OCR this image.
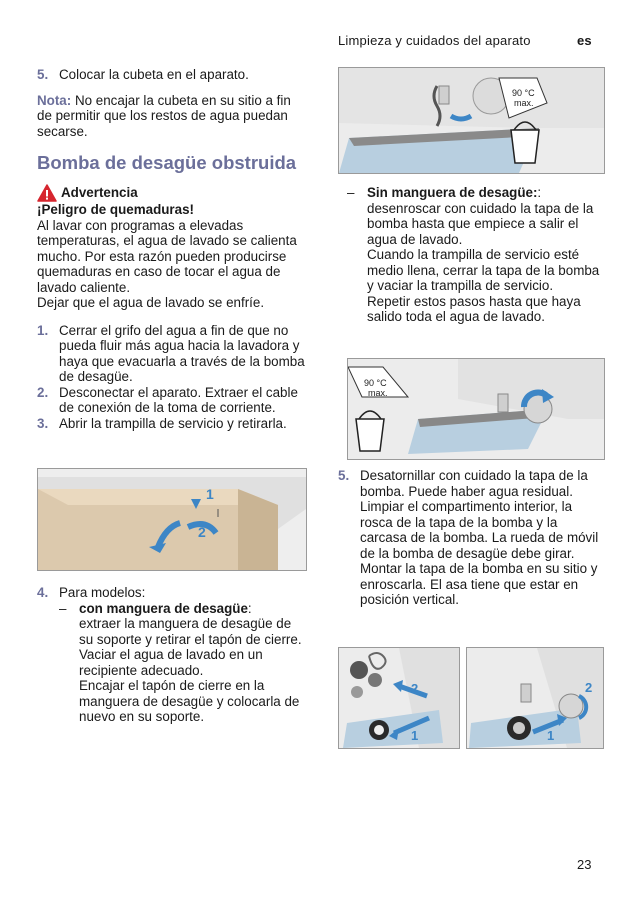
Limpieza y cuidados del aparato	es
5. Colocar la cubeta en el aparato.

Nota: No encajar la cubeta en su sitio a fin de permitir que los restos de agua puedan secarse.

Bomba de desagüe obstruida
Advertencia

¡Peligro de quemaduras!

Al lavar con programas a elevadas temperaturas, el agua de lavado se calienta mucho. Por esta razón pueden producirse quemaduras en caso de tocar el agua de lavado caliente.

Dejar que el agua de lavado se enfríe.

1. Cerrar el grifo del agua a fin de que no pueda fluir más agua hacia la lavadora y haya que evacuarla a través de la bomba de desagüe.
2. Desconectar el aparato. Extraer el cable de conexión de la toma de corriente.
3. Abrir la trampilla de servicio y retirarla.
1
2
4. Para modelos:
– con manguera de desagüe:

extraer la manguera de desagüe de su soporte y retirar el tapón de cierre.

Vaciar el agua de lavado en un recipiente adecuado.

Encajar el tapón de cierre en la manguera de desagüe y colocarla de nuevo en su soporte.

90 °C
max.
– Sin manguera de desagüe::

desenroscar con cuidado la tapa de la bomba hasta que empiece a salir el agua de lavado.

Cuando la trampilla de servicio esté medio llena, cerrar la tapa de la bomba y vaciar la trampilla de servicio.

Repetir estos pasos hasta que haya salido toda el agua de lavado.

90 °C
max.
5. Desatornillar con cuidado la tapa de la bomba. Puede haber agua residual.

Limpiar el compartimento interior, la rosca de la tapa de la bomba y la carcasa de la bomba. La rueda de móvil de la bomba de desagüe debe girar.

Montar la tapa de la bomba en su sitio y enroscarla. El asa tiene que estar en posición vertical.

2
1
2
1
23
